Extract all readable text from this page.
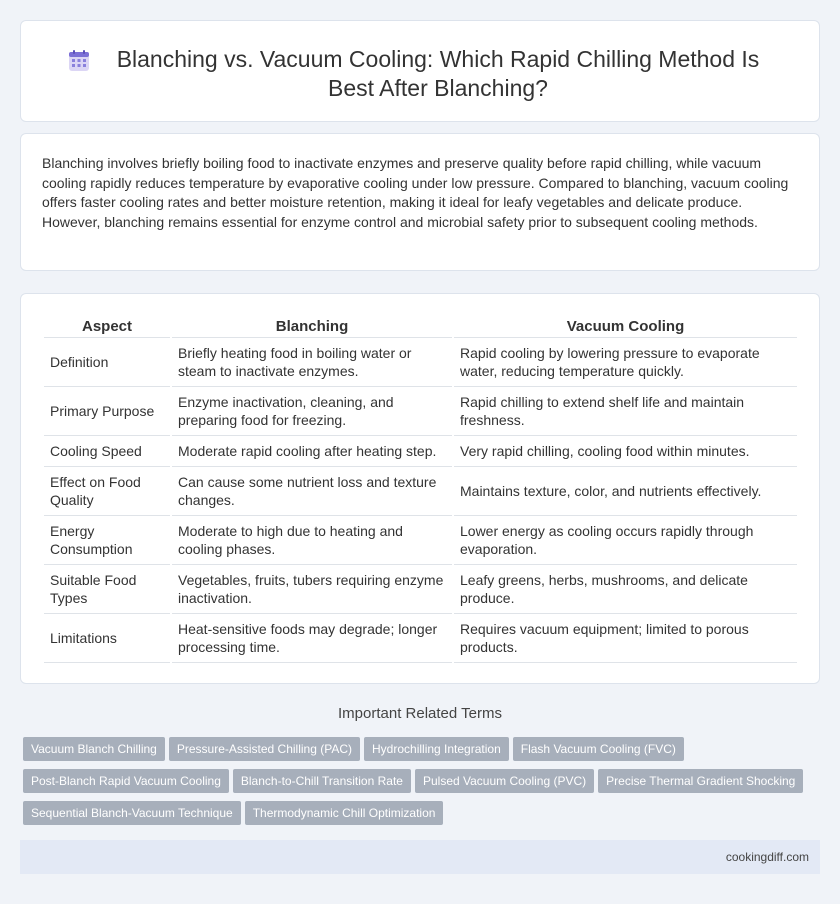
Blanching vs. Vacuum Cooling: Which Rapid Chilling Method Is Best After Blanching?

Blanching involves briefly boiling food to inactivate enzymes and preserve quality before rapid chilling, while vacuum cooling rapidly reduces temperature by evaporative cooling under low pressure. Compared to blanching, vacuum cooling offers faster cooling rates and better moisture retention, making it ideal for leafy vegetables and delicate produce. However, blanching remains essential for enzyme control and microbial safety prior to subsequent cooling methods.

Aspect	Blanching	Vacuum Cooling
Definition	Briefly heating food in boiling water or steam to inactivate enzymes.	Rapid cooling by lowering pressure to evaporate water, reducing temperature quickly.
Primary Purpose	Enzyme inactivation, cleaning, and preparing food for freezing.	Rapid chilling to extend shelf life and maintain freshness.
Cooling Speed	Moderate rapid cooling after heating step.	Very rapid chilling, cooling food within minutes.
Effect on Food Quality	Can cause some nutrient loss and texture changes.	Maintains texture, color, and nutrients effectively.
Energy Consumption	Moderate to high due to heating and cooling phases.	Lower energy as cooling occurs rapidly through evaporation.
Suitable Food Types	Vegetables, fruits, tubers requiring enzyme inactivation.	Leafy greens, herbs, mushrooms, and delicate produce.
Limitations	Heat-sensitive foods may degrade; longer processing time.	Requires vacuum equipment; limited to porous products.
Important Related Terms
Vacuum Blanch Chilling Pressure-Assisted Chilling (PAC) Hydrochilling Integration Flash Vacuum Cooling (FVC)
Post-Blanch Rapid Vacuum Cooling Blanch-to-Chill Transition Rate Pulsed Vacuum Cooling (PVC) Precise Thermal Gradient Shocking
Sequential Blanch-Vacuum Technique Thermodynamic Chill Optimization
cookingdiff.com
